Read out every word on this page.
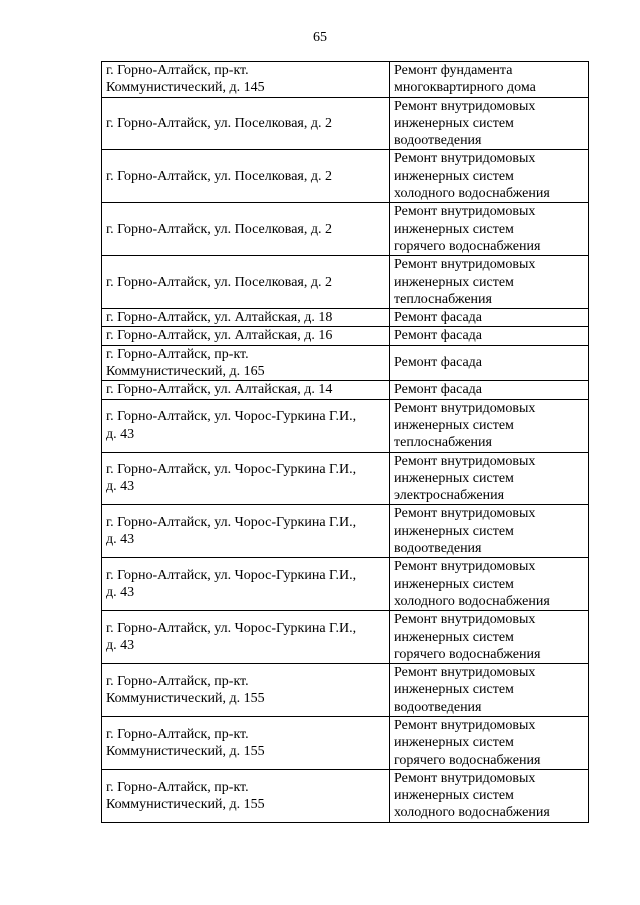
65
г. Горно-Алтайск, пр-кт.
Коммунистический, д. 145	Ремонт фундамента
многоквартирного дома
г. Горно-Алтайск, ул. Поселковая, д. 2	Ремонт внутридомовых
инженерных систем
водоотведения
г. Горно-Алтайск, ул. Поселковая, д. 2	Ремонт внутридомовых
инженерных систем
холодного водоснабжения
г. Горно-Алтайск, ул. Поселковая, д. 2	Ремонт внутридомовых
инженерных систем
горячего водоснабжения
г. Горно-Алтайск, ул. Поселковая, д. 2	Ремонт внутридомовых
инженерных систем
теплоснабжения
г. Горно-Алтайск, ул. Алтайская, д. 18	Ремонт фасада
г. Горно-Алтайск, ул. Алтайская, д. 16	Ремонт фасада
г. Горно-Алтайск, пр-кт.
Коммунистический, д. 165	Ремонт фасада
г. Горно-Алтайск, ул. Алтайская, д. 14	Ремонт фасада
г. Горно-Алтайск, ул. Чорос-Гуркина Г.И.,
д. 43	Ремонт внутридомовых
инженерных систем
теплоснабжения
г. Горно-Алтайск, ул. Чорос-Гуркина Г.И.,
д. 43	Ремонт внутридомовых
инженерных систем
электроснабжения
г. Горно-Алтайск, ул. Чорос-Гуркина Г.И.,
д. 43	Ремонт внутридомовых
инженерных систем
водоотведения
г. Горно-Алтайск, ул. Чорос-Гуркина Г.И.,
д. 43	Ремонт внутридомовых
инженерных систем
холодного водоснабжения
г. Горно-Алтайск, ул. Чорос-Гуркина Г.И.,
д. 43	Ремонт внутридомовых
инженерных систем
горячего водоснабжения
г. Горно-Алтайск, пр-кт.
Коммунистический, д. 155	Ремонт внутридомовых
инженерных систем
водоотведения
г. Горно-Алтайск, пр-кт.
Коммунистический, д. 155	Ремонт внутридомовых
инженерных систем
горячего водоснабжения
г. Горно-Алтайск, пр-кт.
Коммунистический, д. 155	Ремонт внутридомовых
инженерных систем
холодного водоснабжения
